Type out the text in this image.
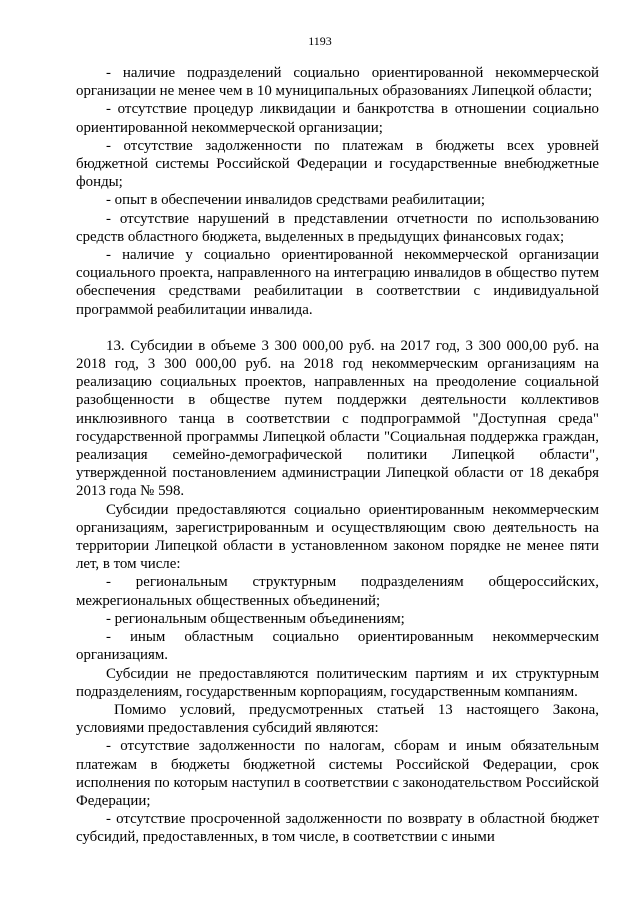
1193

- наличие подразделений социально ориентированной некоммерческой организации не менее чем в 10 муниципальных образованиях Липецкой области;

- отсутствие процедур ликвидации и банкротства в отношении социально ориентированной некоммерческой организации;

- отсутствие задолженности по платежам в бюджеты всех уровней бюджетной системы Российской Федерации и государственные внебюджетные фонды;

- опыт в обеспечении инвалидов средствами реабилитации;

- отсутствие нарушений в представлении отчетности по использованию средств областного бюджета, выделенных в предыдущих финансовых годах;

- наличие у социально ориентированной некоммерческой организации социального проекта, направленного на интеграцию инвалидов в общество путем обеспечения средствами реабилитации в соответствии с индивидуальной программой реабилитации инвалида.

13. Субсидии в объеме 3 300 000,00 руб. на 2017 год, 3 300 000,00 руб. на 2018 год, 3 300 000,00 руб. на 2018 год некоммерческим организациям на реализацию социальных проектов, направленных на преодоление социальной разобщенности в обществе путем поддержки деятельности коллективов инклюзивного танца в соответствии с подпрограммой "Доступная среда" государственной программы Липецкой области "Социальная поддержка граждан, реализация семейно-демографической политики Липецкой области", утвержденной постановлением администрации Липецкой области от 18 декабря 2013 года № 598.

Субсидии предоставляются социально ориентированным некоммерческим организациям, зарегистрированным и осуществляющим свою деятельность на территории Липецкой области в установленном законом порядке не менее пяти лет, в том числе:

- региональным структурным подразделениям общероссийских, межрегиональных общественных объединений;

- региональным общественным объединениям;

- иным областным социально ориентированным некоммерческим организациям.

Субсидии не предоставляются политическим партиям и их структурным подразделениям, государственным корпорациям, государственным компаниям.

Помимо условий, предусмотренных статьей 13 настоящего Закона, условиями предоставления субсидий являются:

- отсутствие задолженности по налогам, сборам и иным обязательным платежам в бюджеты бюджетной системы Российской Федерации, срок исполнения по которым наступил в соответствии с законодательством Российской Федерации;

- отсутствие просроченной задолженности по возврату в областной бюджет субсидий, предоставленных, в том числе, в соответствии с иными
